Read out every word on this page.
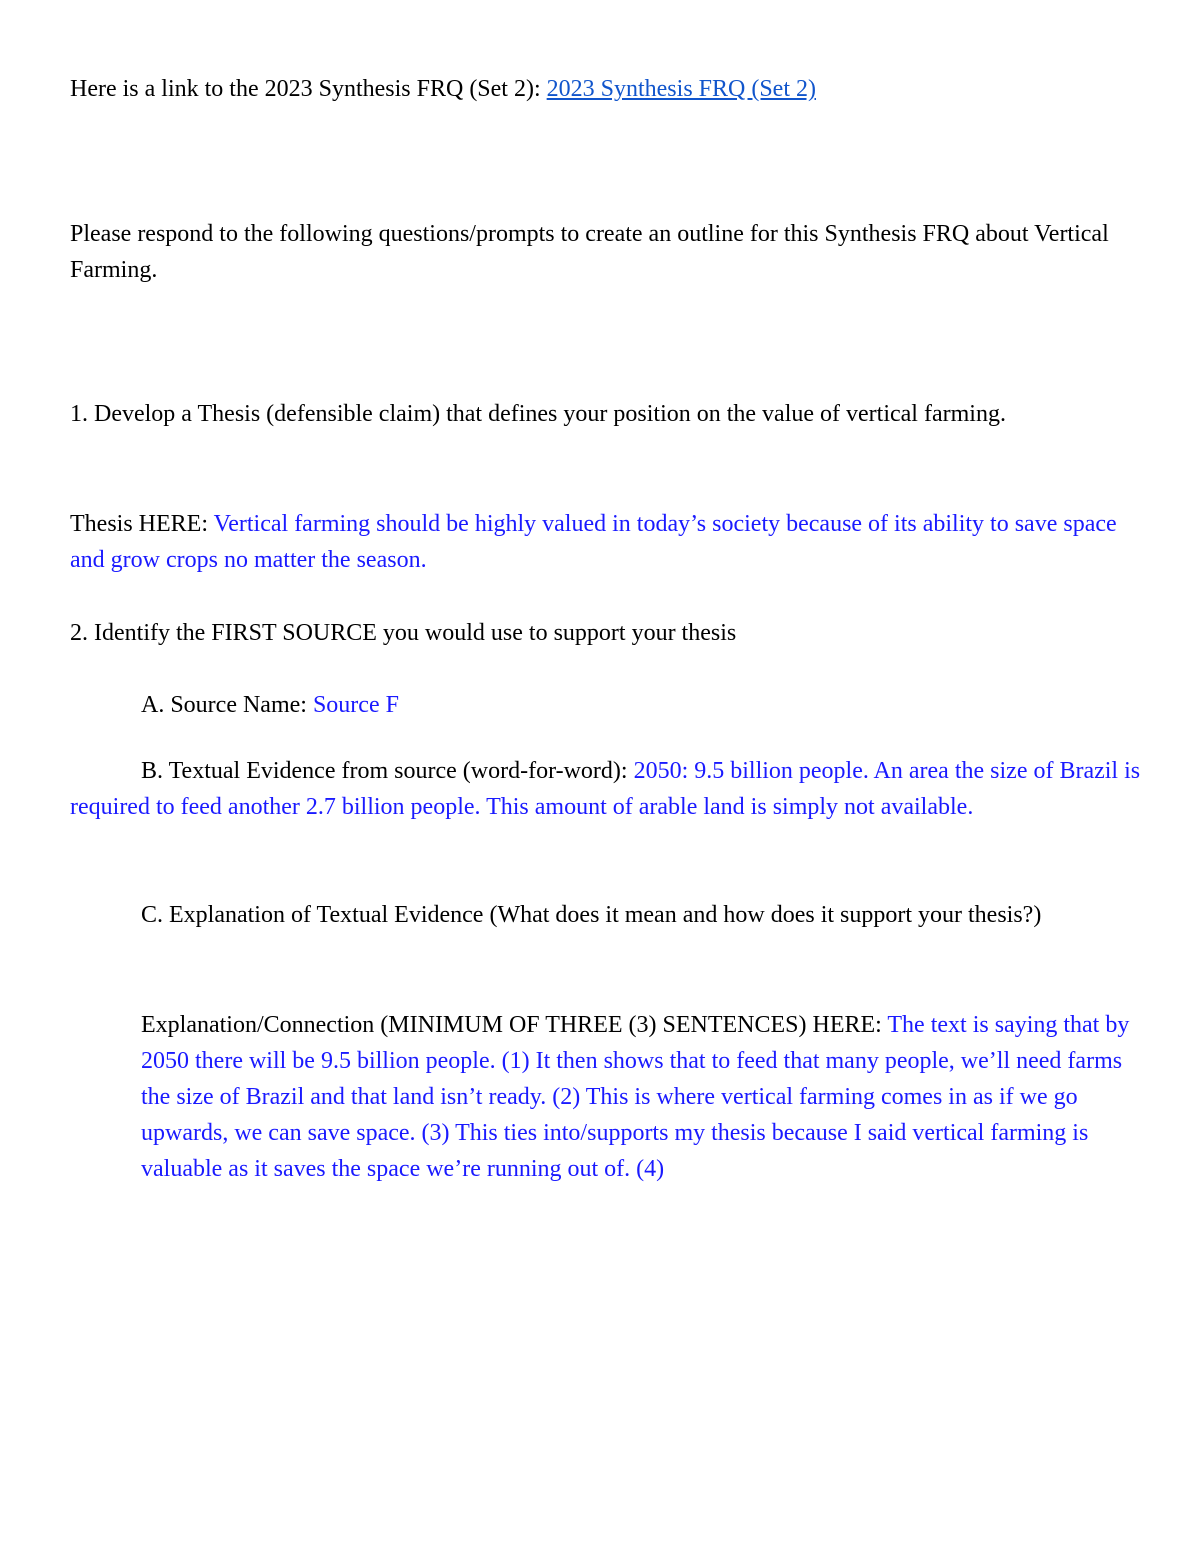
Here is a link to the 2023 Synthesis FRQ (Set 2): 2023 Synthesis FRQ (Set 2)

Please respond to the following questions/prompts to create an outline for this Synthesis FRQ about Vertical Farming.

1. Develop a Thesis (defensible claim) that defines your position on the value of vertical farming.

Thesis HERE: Vertical farming should be highly valued in today’s society because of its ability to save space and grow crops no matter the season.

2. Identify the FIRST SOURCE you would use to support your thesis

A. Source Name: Source F

B. Textual Evidence from source (word-for-word): 2050: 9.5 billion people. An area the size of Brazil is required to feed another 2.7 billion people. This amount of arable land is simply not available.

C. Explanation of Textual Evidence (What does it mean and how does it support your thesis?)

Explanation/Connection (MINIMUM OF THREE (3) SENTENCES) HERE: The text is saying that by 2050 there will be 9.5 billion people. (1) It then shows that to feed that many people, we’ll need farms the size of Brazil and that land isn’t ready. (2) This is where vertical farming comes in as if we go upwards, we can save space. (3) This ties into/supports my thesis because I said vertical farming is valuable as it saves the space we’re running out of. (4)
